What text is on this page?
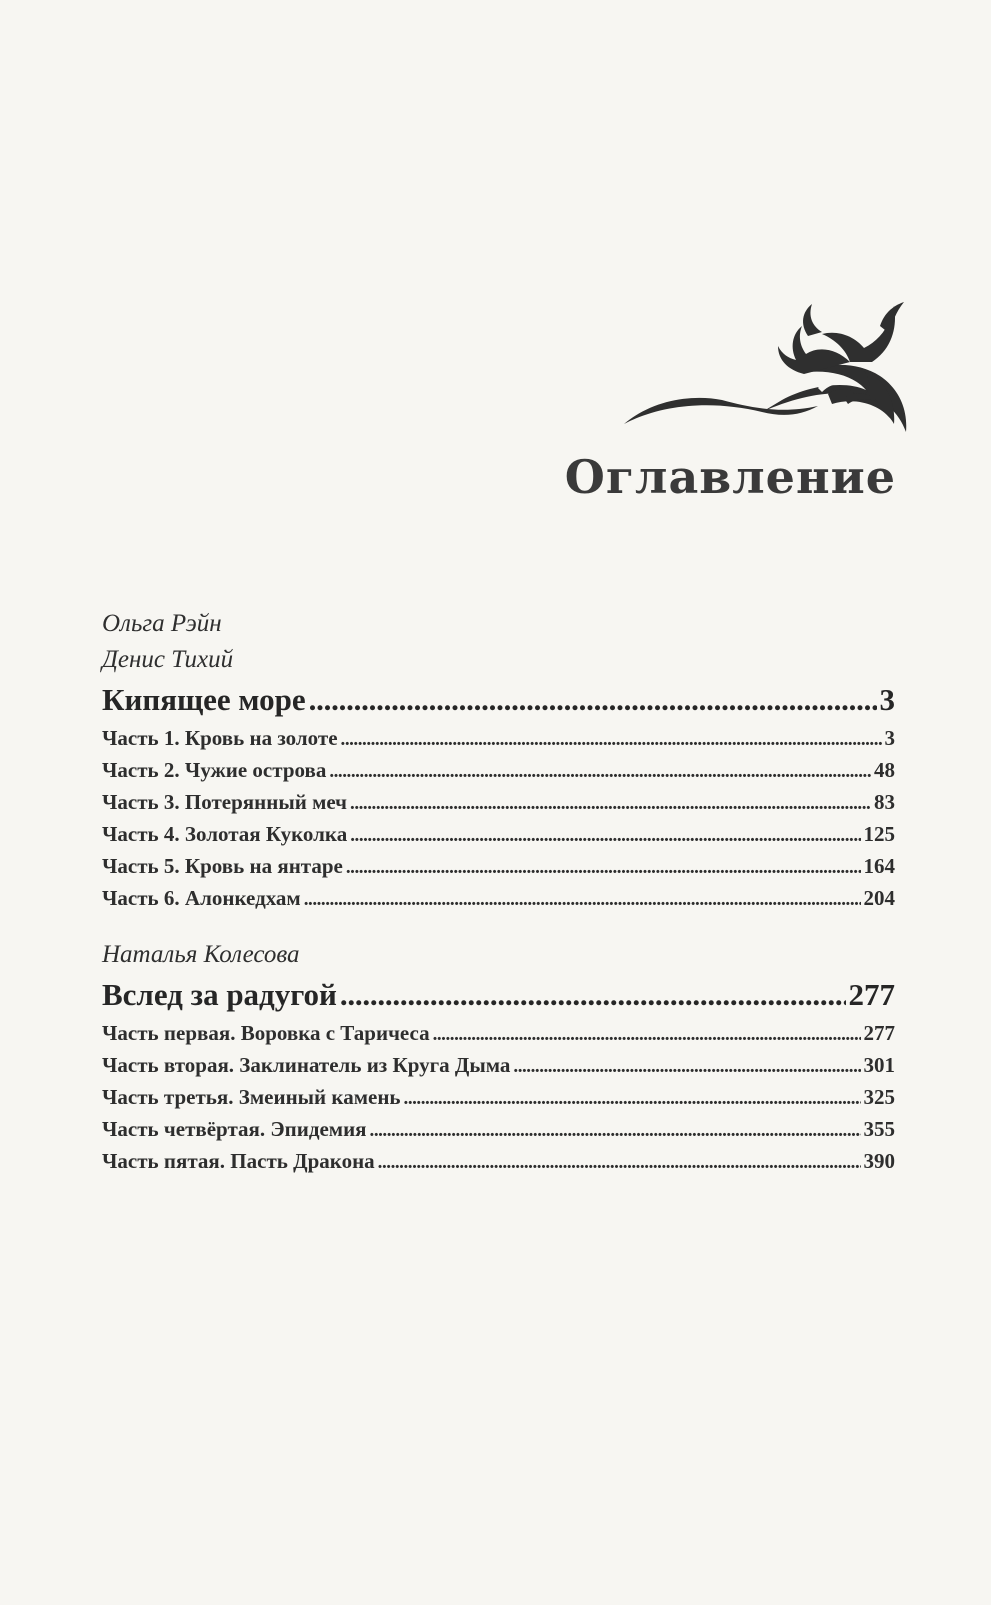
Оглавление
Ольга Рэйн
Денис Тихий
Кипящее море . . .	3
Часть 1. Кровь на золоте . . .	3
Часть 2. Чужие острова . . .	48
Часть 3. Потерянный меч . . .	83
Часть 4. Золотая Куколка . . .	125
Часть 5. Кровь на янтаре . . .	164
Часть 6. Алонкедхам . . .	204
Наталья Колесова
Вслед за радугой . . .	277
Часть первая. Воровка с Таричеса . . .	277
Часть вторая. Заклинатель из Круга Дыма . . .	301
Часть третья. Змеиный камень . . .	325
Часть четвёртая. Эпидемия . . .	355
Часть пятая. Пасть Дракона . . .	390
